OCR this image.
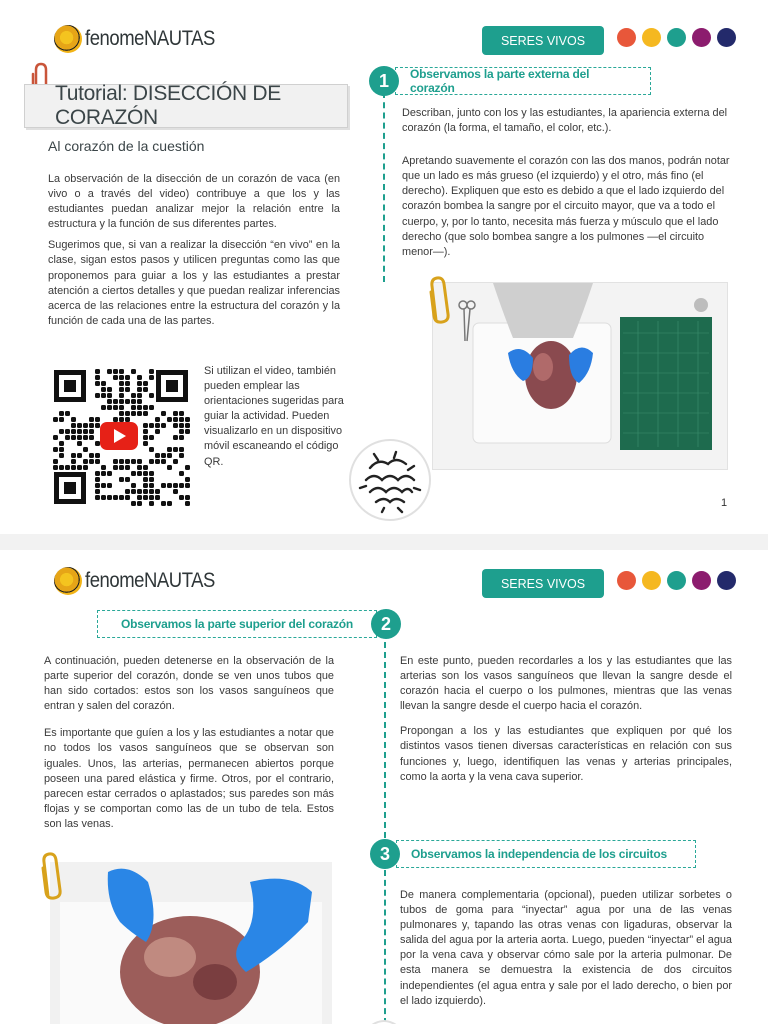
fenomeNAUTAS	SERES VIVOS
Tutorial: DISECCIÓN DE CORAZÓN
Al corazón de la cuestión

La observación de la disección de un corazón de vaca (en vivo o a través del video) contribuye a que los y las estudiantes puedan analizar mejor la relación entre la estructura y la función de sus diferentes partes.

Sugerimos que, si van a realizar la disección “en vivo” en la clase, sigan estos pasos y utilicen preguntas como las que proponemos para guiar a los y las estudiantes a prestar atención a ciertos detalles y que puedan realizar inferencias acerca de las relaciones entre la estructura del corazón y la función de cada una de las partes.

Si utilizan el video, también pueden emplear las orientaciones sugeridas para guiar la actividad. Pueden visualizarlo en un dispositivo móvil escaneando el código QR.
1	Observamos la parte externa del corazón

Describan, junto con los y las estudiantes, la apariencia externa del corazón (la forma, el tamaño, el color, etc.).

Apretando suavemente el corazón con las dos manos, podrán notar que un lado es más grueso (el izquierdo) y el otro, más fino (el derecho). Expliquen que esto es debido a que el lado izquierdo del corazón bombea la sangre por el circuito mayor, que va a todo el cuerpo, y, por lo tanto, necesita más fuerza y músculo que el lado derecho (que solo bombea sangre a los pulmones —el circuito menor—).

1
fenomeNAUTAS	SERES VIVOS
Observamos la parte superior del corazón	2

A continuación, pueden detenerse en la observación de la parte superior del corazón, donde se ven unos tubos que han sido cortados: estos son los vasos sanguíneos que entran y salen del corazón.

Es importante que guíen a los y las estudiantes a notar que no todos los vasos sanguíneos que se observan son iguales. Unos, las arterias, permanecen abiertos porque poseen una pared elástica y firme. Otros, por el contrario, parecen estar cerrados o aplastados; sus paredes son más flojas y se comportan como las de un tubo de tela. Estos son las venas.

En este punto, pueden recordarles a los y las estudiantes que las arterias son los vasos sanguíneos que llevan la sangre desde el corazón hacia el cuerpo o los pulmones, mientras que las venas llevan la sangre desde el cuerpo hacia el corazón.

Propongan a los y las estudiantes que expliquen por qué los distintos vasos tienen diversas características en relación con sus funciones y, luego, identifiquen las venas y arterias principales, como la aorta y la vena cava superior.

3	Observamos la independencia de los circuitos
De manera complementaria (opcional), pueden utilizar sorbetes o tubos de goma para “inyectar” agua por una de las venas pulmonares y, tapando las otras venas con ligaduras, observar la salida del agua por la arteria aorta. Luego, pueden “inyectar” el agua por la vena cava y observar cómo sale por la arteria pulmonar. De esta manera se demuestra la existencia de dos circuitos independientes (el agua entra y sale por el lado derecho, o bien por el lado izquierdo).
